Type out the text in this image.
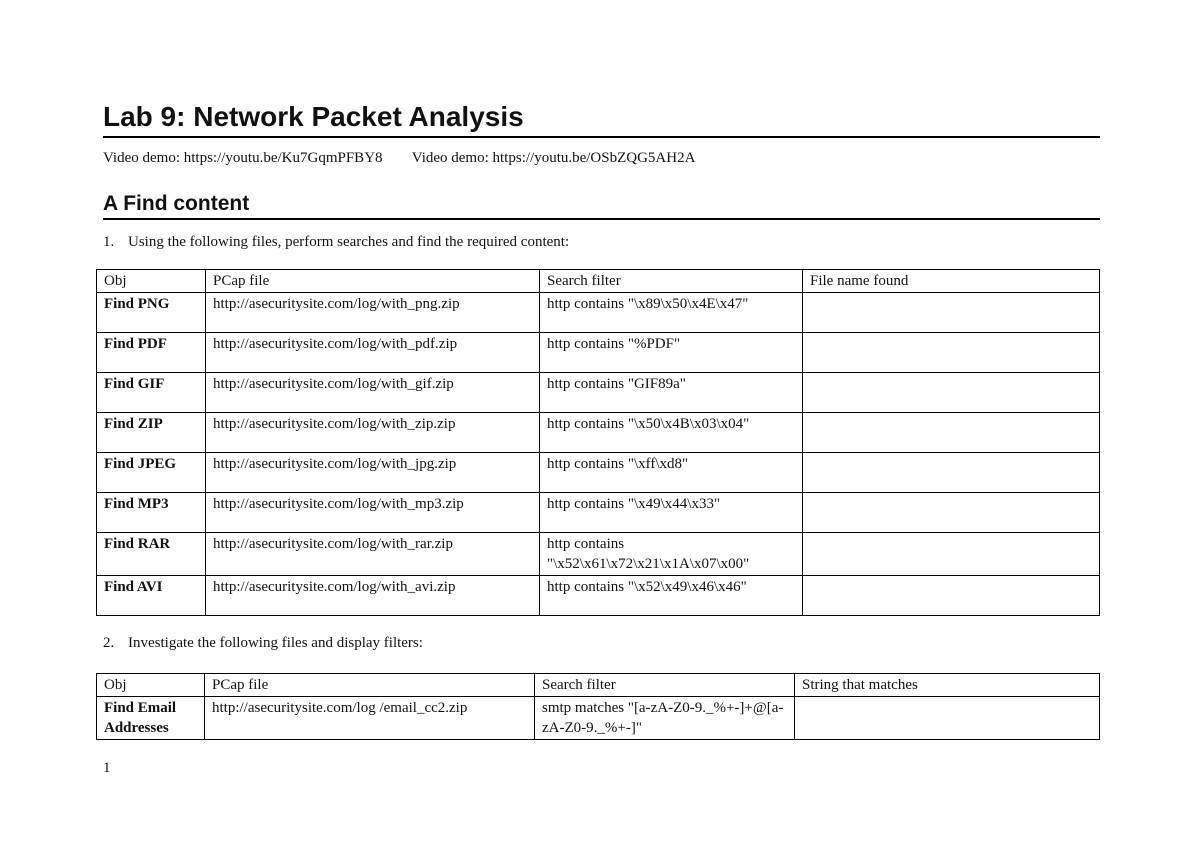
Lab 9: Network Packet Analysis
Video demo: https://youtu.be/Ku7GqmPFBY8 Video demo: https://youtu.be/OSbZQG5AH2A
A Find content
1. Using the following files, perform searches and find the required content:
Obj	PCap file	Search filter	File name found
Find PNG	http://asecuritysite.com/log/with_png.zip	http contains "\x89\x50\x4E\x47"	
Find PDF	http://asecuritysite.com/log/with_pdf.zip	http contains "%PDF"	
Find GIF	http://asecuritysite.com/log/with_gif.zip	http contains "GIF89a"	
Find ZIP	http://asecuritysite.com/log/with_zip.zip	http contains "\x50\x4B\x03\x04"	
Find JPEG	http://asecuritysite.com/log/with_jpg.zip	http contains "\xff\xd8"	
Find MP3	http://asecuritysite.com/log/with_mp3.zip	http contains "\x49\x44\x33"	
Find RAR	http://asecuritysite.com/log/with_rar.zip	http contains "\x52\x61\x72\x21\x1A\x07\x00"	
Find AVI	http://asecuritysite.com/log/with_avi.zip	http contains "\x52\x49\x46\x46"	
2. Investigate the following files and display filters:
Obj	PCap file	Search filter	String that matches
Find Email Addresses	http://asecuritysite.com/log /email_cc2.zip	smtp matches "[a-zA-Z0-9._%+-]+@[a-zA-Z0-9._%+-]"	
1
